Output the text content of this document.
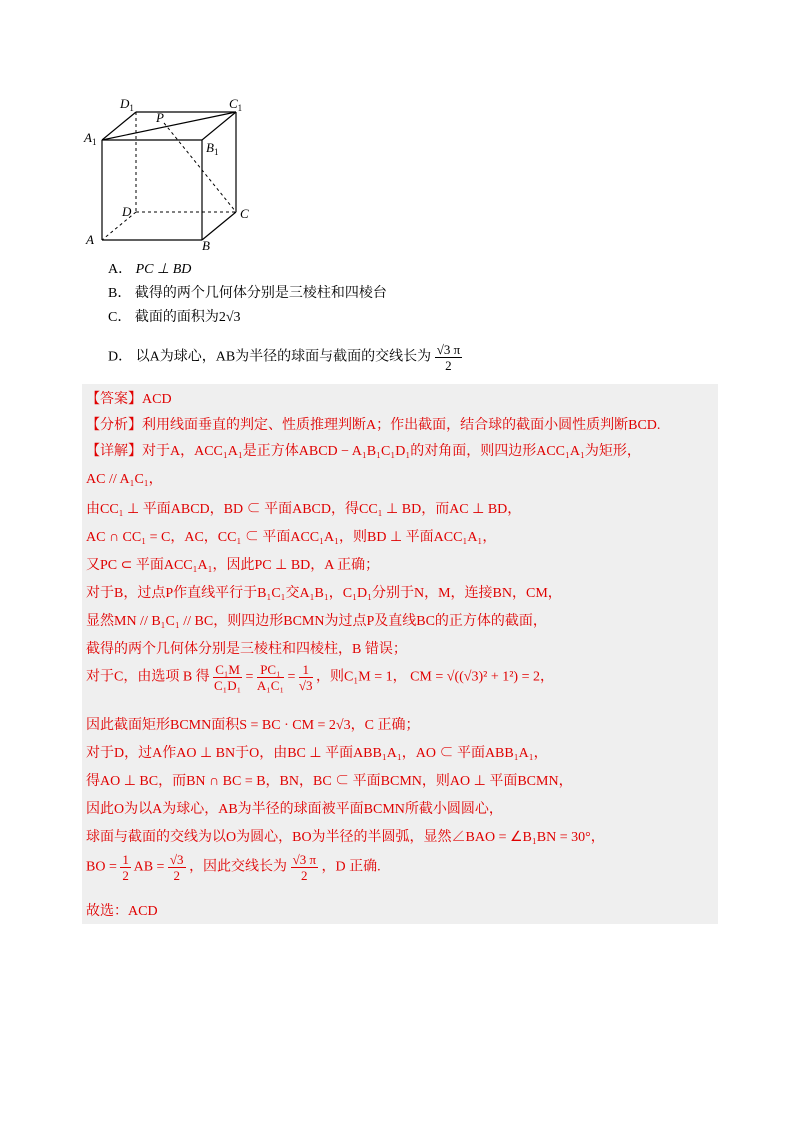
$D_1$	$C_1$
$A_1$	$B_1$
P
D	C
A	B
A． PC ⊥ BD
B． 截得的两个几何体分别是三棱柱和四棱台
C． 截面的面积为2√3
D． 以A为球心，AB为半径的球面与截面的交线长为 $\frac{√3 \pi}{2}$
【答案】ACD
【分析】利用线面垂直的判定、性质推理判断A；作出截面，结合球的截面小圆性质判断BCD.
【详解】对于A，ACC₁A₁是正方体ABCD − A₁B₁C₁D₁的对角面，则四边形ACC₁A₁为矩形，
AC // A₁C₁，
由CC₁ ⊥ 平面ABCD，BD ⊂ 平面ABCD，得CC₁ ⊥ BD，而AC ⊥ BD，
AC ∩ CC₁ = C，AC，CC₁ ⊂ 平面ACC₁A₁，则BD ⊥ 平面ACC₁A₁，
又PC ⊂ 平面ACC₁A₁，因此PC ⊥ BD，A 正确；
对于B，过点P作直线平行于B₁C₁交A₁B₁，C₁D₁分别于N，M，连接BN，CM，
显然MN // B₁C₁ // BC，则四边形BCMN为过点P及直线BC的正方体的截面，
截得的两个几何体分别是三棱柱和四棱柱，B 错误；
对于C，由选项 B 得 $\frac{\text{C₁M}}{\text{C₁D₁}} = \frac{\text{PC₁}}{\text{A₁C₁}} = \frac{1}{√3}$ ，则C₁M = 1， CM = √((√3)² + 1²) = 2，
因此截面矩形BCMN面积S = BC · CM = 2√3，C 正确；
对于D，过A作AO ⊥ BN于O，由BC ⊥ 平面ABB₁A₁，AO ⊂ 平面ABB₁A₁，
得AO ⊥ BC，而BN ∩ BC = B，BN，BC ⊂ 平面BCMN，则AO ⊥ 平面BCMN，
因此O为以A为球心，AB为半径的球面被平面BCMN所截小圆圆心，
球面与截面的交线为以O为圆心，BO为半径的半圆弧，显然∠BAO = ∠B₁BN = 30°，
BO = $\frac{1}{2}$ AB = $\frac{√3}{2}$ ，因此交线长为 $\frac{√3 \pi}{2}$ ，D 正确.
故选：ACD
